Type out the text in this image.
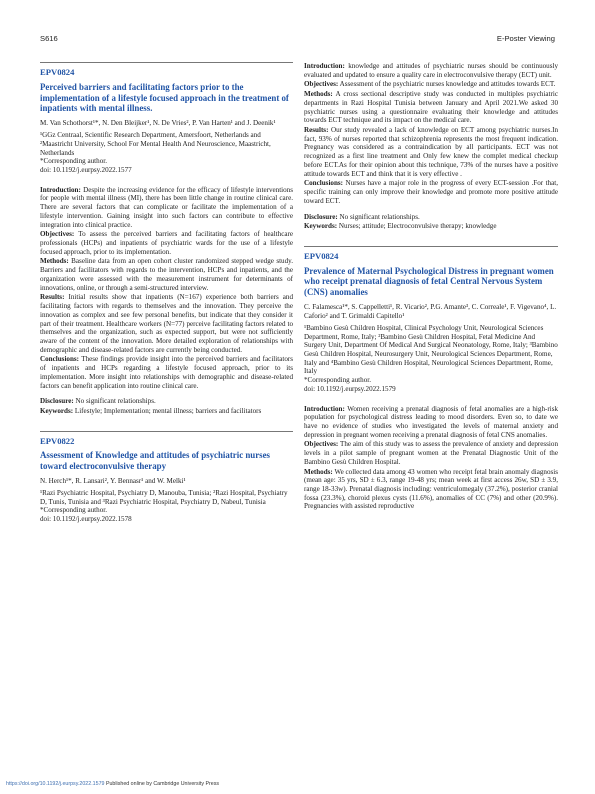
S616	E-Poster Viewing
EPV0824
Perceived barriers and facilitating factors prior to the implementation of a lifestyle focused approach in the treatment of inpatients with mental illness.
M. Van Schothorst¹*, N. Den Bleijker¹, N. De Vries², P. Van Harten¹ and J. Deenik¹
¹GGz Centraal, Scientific Research Department, Amersfoort, Netherlands and ²Maastricht University, School For Mental Health And Neuroscience, Maastricht, Netherlands
*Corresponding author.
doi: 10.1192/j.eurpsy.2022.1577

Introduction: Despite the increasing evidence for the efficacy of lifestyle interventions for people with mental illness (MI), there has been little change in routine clinical care. There are several factors that can complicate or facilitate the implementation of a lifestyle intervention. Gaining insight into such factors can contribute to effective integration into clinical practice.

Objectives: To assess the perceived barriers and facilitating factors of healthcare professionals (HCPs) and inpatients of psychiatric wards for the use of a lifestyle focused approach, prior to its implementation.

Methods: Baseline data from an open cohort cluster randomized stepped wedge study. Barriers and facilitators with regards to the intervention, HCPs and inpatients, and the organization were assessed with the measurement instrument for determinants of innovations, online, or through a semi-structured interview.

Results: Initial results show that inpatients (N=167) experience both barriers and facilitating factors with regards to themselves and the innovation. They perceive the innovation as complex and see few personal benefits, but indicate that they consider it part of their treatment. Healthcare workers (N=77) perceive facilitating factors related to themselves and the organization, such as expected support, but were not sufficiently aware of the content of the innovation. More detailed exploration of relationships with demographic and disease-related factors are currently being conducted.

Conclusions: These findings provide insight into the perceived barriers and facilitators of inpatients and HCPs regarding a lifestyle focused approach, prior to its implementation. More insight into relationships with demographic and disease-related factors can benefit application into routine clinical care.

Disclosure: No significant relationships.

Keywords: Lifestyle; Implementation; mental illness; barriers and facilitators

EPV0822
Assessment of Knowledge and attitudes of psychiatric nurses toward electroconvulsive therapy
N. Herch¹*, R. Lansari², Y. Bennasr¹ and W. Melki¹
¹Razi Psychiatric Hospital, Psychiatry D, Manouba, Tunisia; ²Razi Hospital, Psychiatry D, Tunis, Tunisia and ³Razi Psychiatric Hospital, Psychiatry D, Nabeul, Tunisia
*Corresponding author.
doi: 10.1192/j.eurpsy.2022.1578

Introduction: knowledge and attitudes of psychiatric nurses should be continuously evaluated and updated to ensure a quality care in electroconvulsive therapy (ECT) unit.

Objectives: Assessment of the psychiatric nurses knowledge and attitudes towards ECT.

Methods: A cross sectional descriptive study was conducted in multiples psychiatric departments in Razi Hospital Tunisia between January and April 2021.We asked 30 psychiatric nurses using a questionnaire evaluating their knowledge and attitudes towards ECT technique and its impact on the medical care.

Results: Our study revealed a lack of knowledge on ECT among psychiatric nurses.In fact, 93% of nurses reported that schizophrenia represents the most frequent indication. Pregnancy was considered as a contraindication by all participants. ECT was not recognized as a first line treatment and Only few knew the complet medical checkup before ECT.As for their opinion about this technique, 73% of the nurses have a positive attitude towards ECT and think that it is very effective .

Conclusions: Nurses have a major role in the progress of every ECT-session .For that, specific training can only improve their knowledge and promote more positive attitude toward ECT.

Disclosure: No significant relationships.

Keywords: Nurses; attitude; Electroconvulsive therapy; knowledge

EPV0824
Prevalence of Maternal Psychological Distress in pregnant women who receipt prenatal diagnosis of fetal Central Nervous System (CNS) anomalies
C. Falamesca¹*, S. Cappelletti¹, R. Vicario², P.G. Amante³, C. Correale¹, F. Vigevano⁴, L. Caforio² and T. Grimaldi Capitello¹
¹Bambino Gesù Children Hospital, Clinical Psychology Unit, Neurological Sciences Department, Rome, Italy; ²Bambino Gesù Children Hospital, Fetal Medicine And Surgery Unit, Department Of Medical And Surgical Neonatology, Rome, Italy; ³Bambino Gesù Children Hospital, Neurosurgery Unit, Neurological Sciences Department, Rome, Italy and ⁴Bambino Gesù Children Hospital, Neurological Sciences Department, Rome, Italy
*Corresponding author.
doi: 10.1192/j.eurpsy.2022.1579

Introduction: Women receiving a prenatal diagnosis of fetal anomalies are a high-risk population for psychological distress leading to mood disorders. Even so, to date we have no evidence of studies who investigated the levels of maternal anxiety and depression in pregnant women receiving a prenatal diagnosis of fetal CNS anomalies.

Objectives: The aim of this study was to assess the prevalence of anxiety and depression levels in a pilot sample of pregnant women at the Prenatal Diagnostic Unit of the Bambino Gesù Children Hospital.

Methods: We collected data among 43 women who receipt fetal brain anomaly diagnosis (mean age: 35 yrs, SD ± 6.3, range 19-48 yrs; mean week at first access 26w, SD ± 3.9, range 18-33w). Prenatal diagnosis including: ventriculomegaly (37.2%), posterior cranial fossa (23.3%), choroid plexus cysts (11.6%), anomalies of CC (7%) and other (20.9%). Pregnancies with assisted reproductive

https://doi.org/10.1192/j.eurpsy.2022.1579 Published online by Cambridge University Press
